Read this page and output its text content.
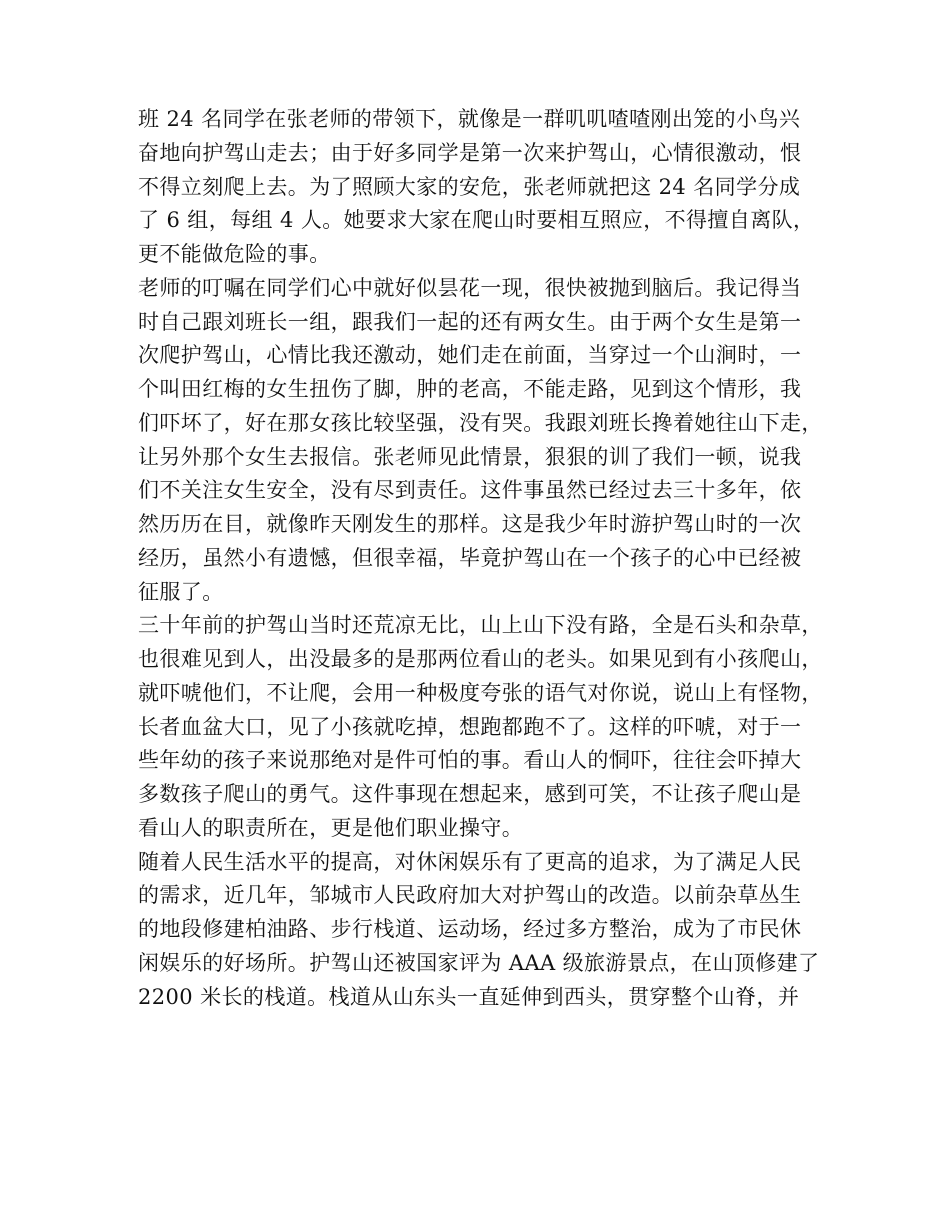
班 24 名同学在张老师的带领下，就像是一群叽叽喳喳刚出笼的小鸟兴
奋地向护驾山走去；由于好多同学是第一次来护驾山，心情很激动，恨
不得立刻爬上去。为了照顾大家的安危，张老师就把这 24 名同学分成
了 6 组，每组 4 人。她要求大家在爬山时要相互照应，不得擅自离队，
更不能做危险的事。
老师的叮嘱在同学们心中就好似昙花一现，很快被抛到脑后。我记得当
时自己跟刘班长一组，跟我们一起的还有两女生。由于两个女生是第一
次爬护驾山，心情比我还激动，她们走在前面，当穿过一个山涧时，一
个叫田红梅的女生扭伤了脚，肿的老高，不能走路，见到这个情形，我
们吓坏了，好在那女孩比较坚强，没有哭。我跟刘班长搀着她往山下走，
让另外那个女生去报信。张老师见此情景，狠狠的训了我们一顿，说我
们不关注女生安全，没有尽到责任。这件事虽然已经过去三十多年，依
然历历在目，就像昨天刚发生的那样。这是我少年时游护驾山时的一次
经历，虽然小有遗憾，但很幸福，毕竟护驾山在一个孩子的心中已经被
征服了。
三十年前的护驾山当时还荒凉无比，山上山下没有路，全是石头和杂草，
也很难见到人，出没最多的是那两位看山的老头。如果见到有小孩爬山，
就吓唬他们，不让爬，会用一种极度夸张的语气对你说，说山上有怪物，
长者血盆大口，见了小孩就吃掉，想跑都跑不了。这样的吓唬，对于一
些年幼的孩子来说那绝对是件可怕的事。看山人的恫吓，往往会吓掉大
多数孩子爬山的勇气。这件事现在想起来，感到可笑，不让孩子爬山是
看山人的职责所在，更是他们职业操守。
随着人民生活水平的提高，对休闲娱乐有了更高的追求，为了满足人民
的需求，近几年，邹城市人民政府加大对护驾山的改造。以前杂草丛生
的地段修建柏油路、步行栈道、运动场，经过多方整治，成为了市民休
闲娱乐的好场所。护驾山还被国家评为 AAA 级旅游景点，在山顶修建了
2200 米长的栈道。栈道从山东头一直延伸到西头，贯穿整个山脊，并
